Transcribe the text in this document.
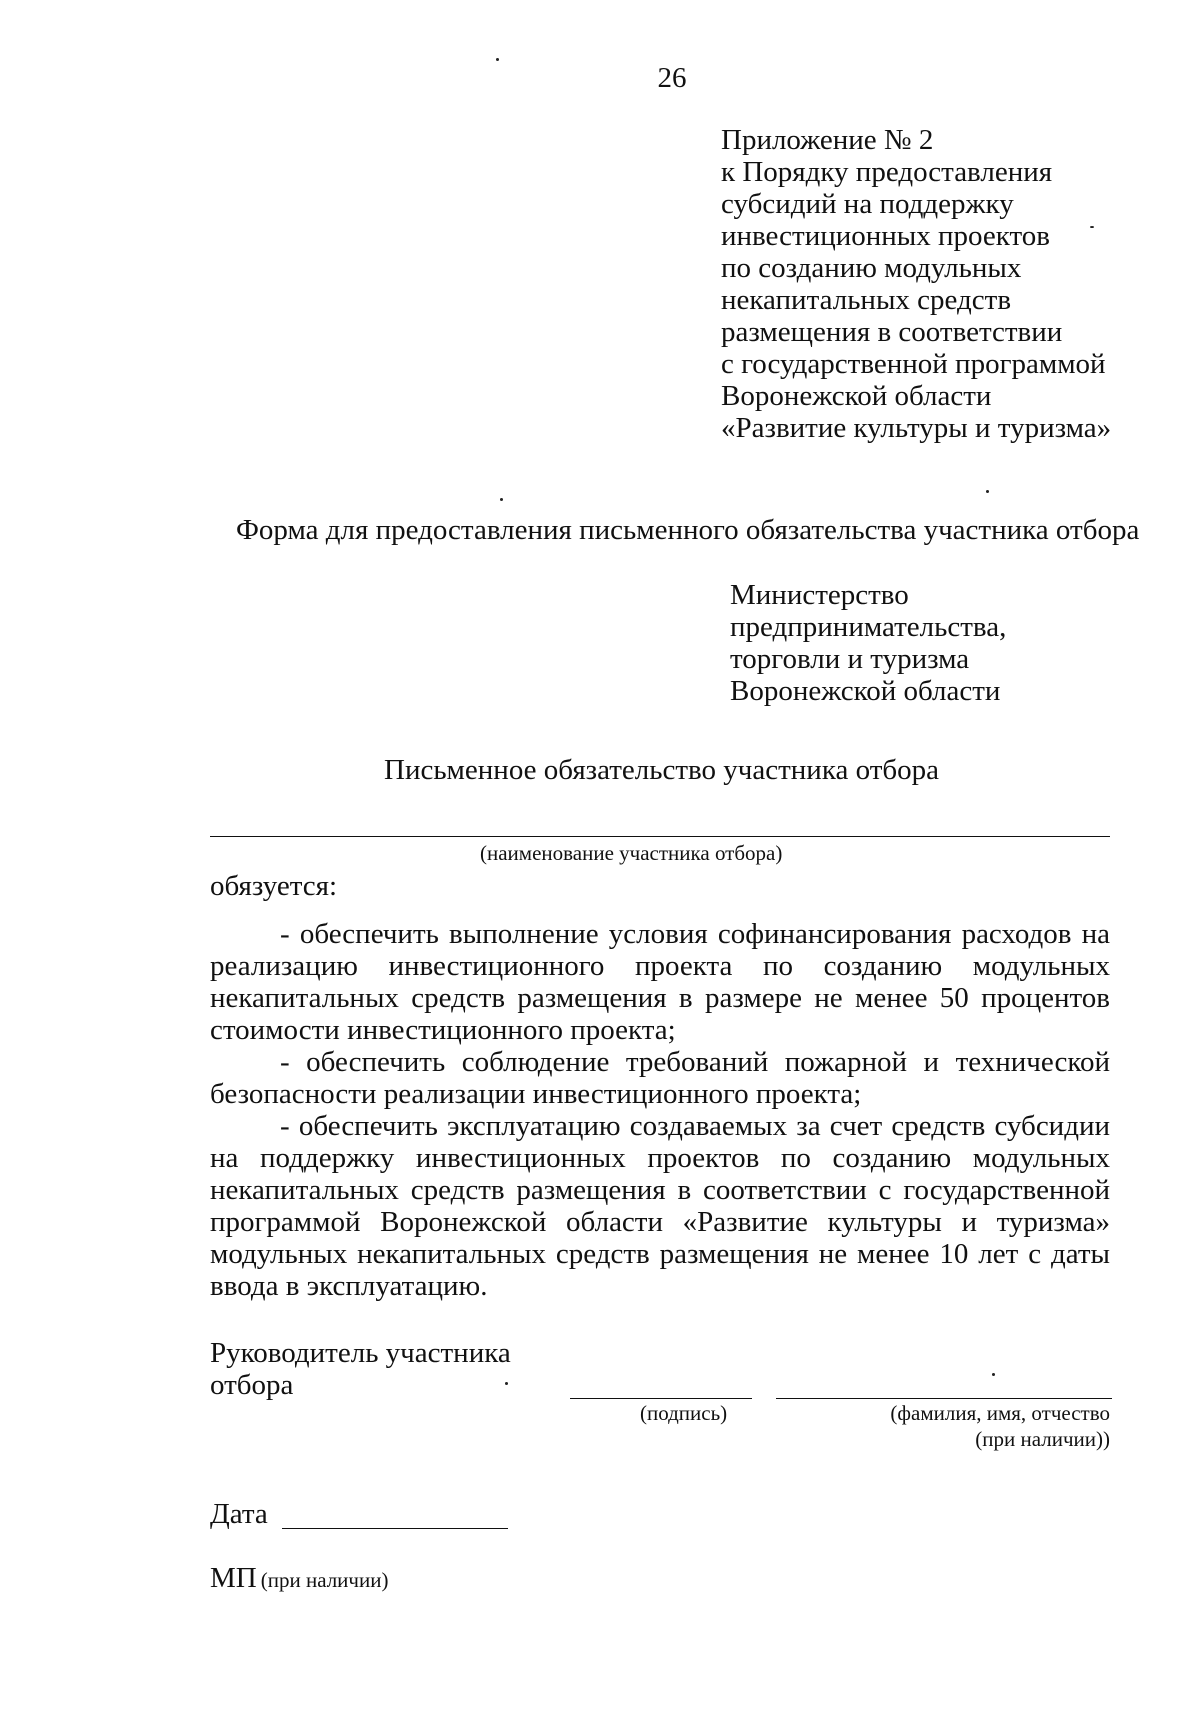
26
Приложение № 2
к Порядку предоставления
субсидий на поддержку
инвестиционных проектов
по созданию модульных
некапитальных средств
размещения в соответствии
с государственной программой
Воронежской области
«Развитие культуры и туризма»
Форма для предоставления письменного обязательства участника отбора
Министерство
предпринимательства,
торговли и туризма
Воронежской области
Письменное обязательство участника отбора
(наименование участника отбора)
обязуется:

- обеспечить выполнение условия софинансирования расходов на реализацию инвестиционного проекта по созданию модульных некапитальных средств размещения в размере не менее 50 процентов стоимости инвестиционного проекта;

- обеспечить соблюдение требований пожарной и технической безопасности реализации инвестиционного проекта;

- обеспечить эксплуатацию создаваемых за счет средств субсидии на поддержку инвестиционных проектов по созданию модульных некапитальных средств размещения в соответствии с государственной программой Воронежской области «Развитие культуры и туризма» модульных некапитальных средств размещения не менее 10 лет с даты ввода в эксплуатацию.

Руководитель участника
отбора
(подпись)	(фамилия, имя, отчество
(при наличии))
Дата
МП (при наличии)
